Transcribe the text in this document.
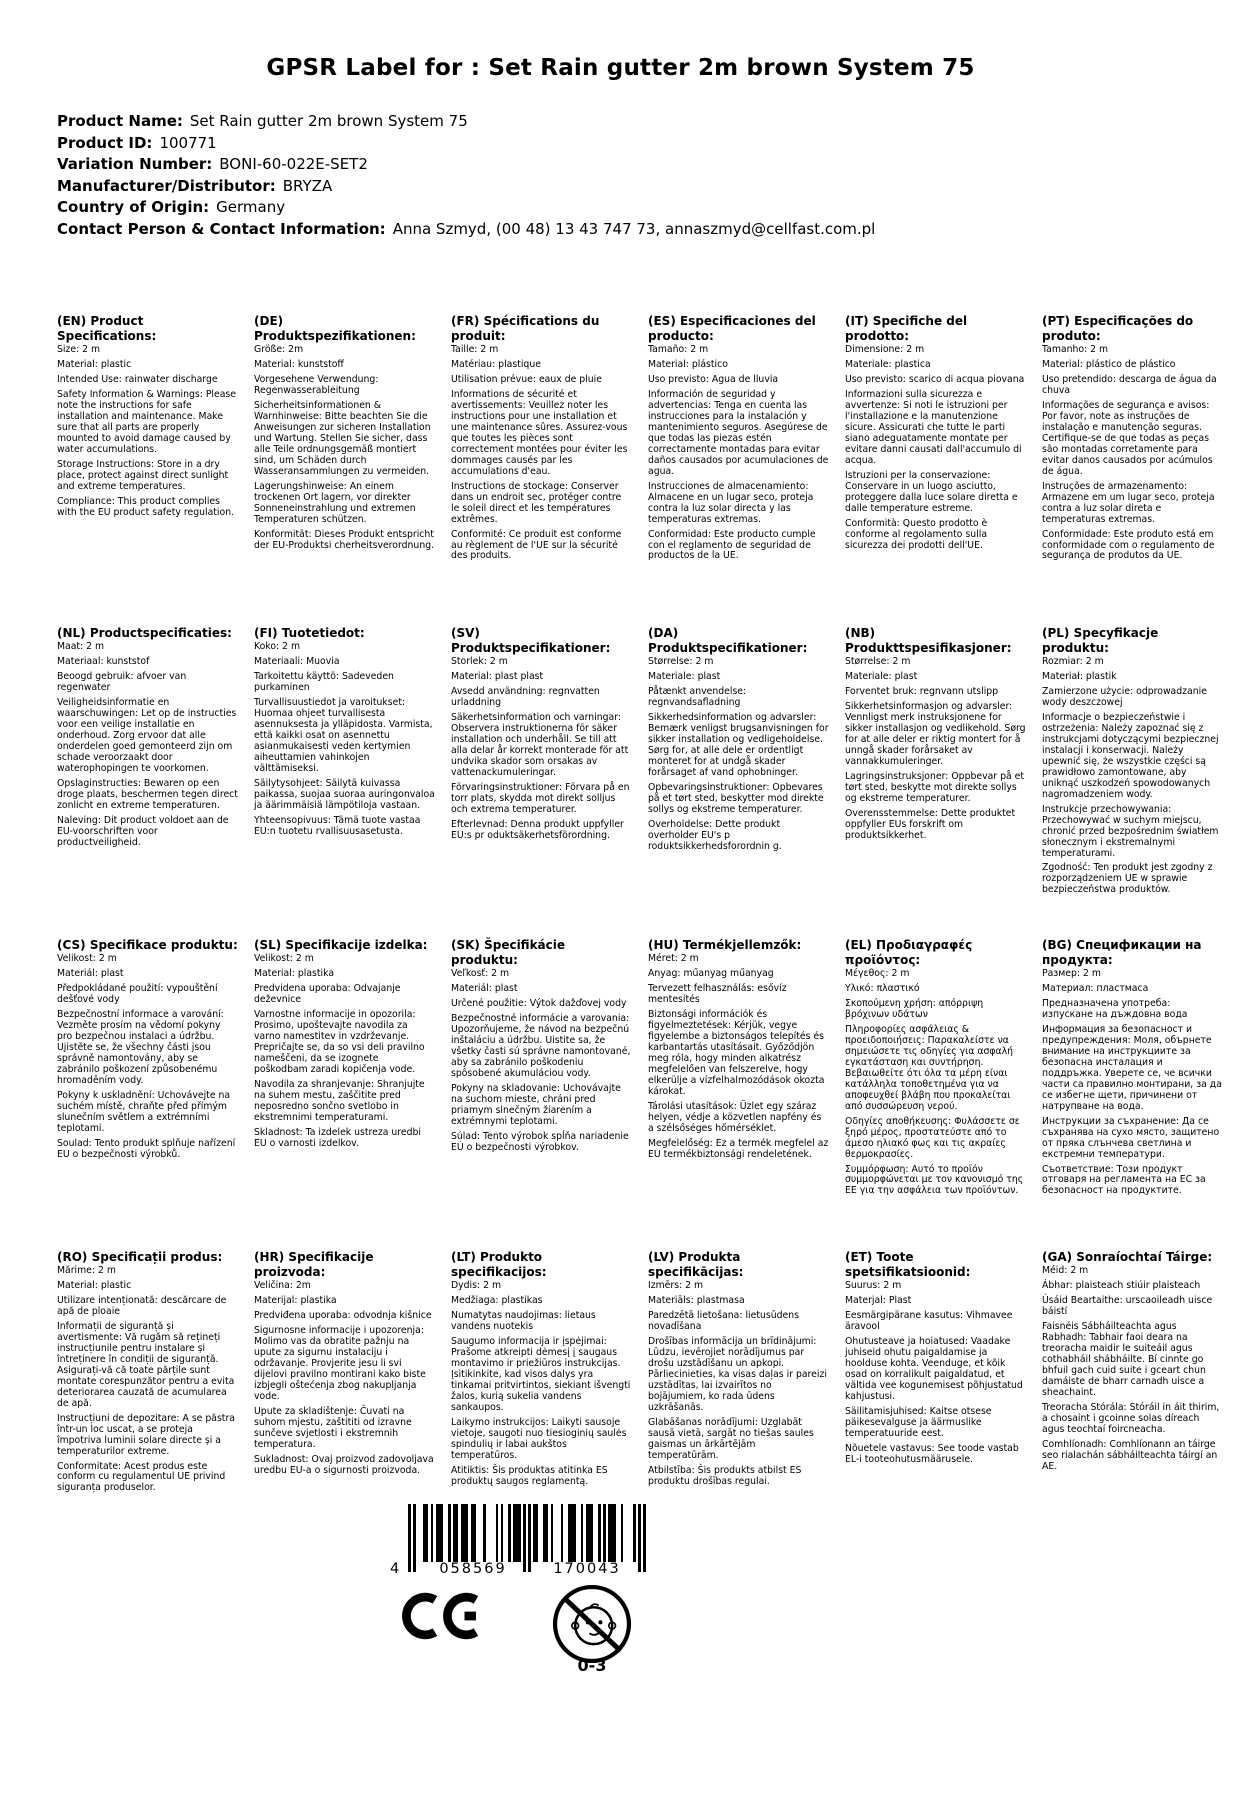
GPSR Label for : Set Rain gutter 2m brown System 75
Product Name: Set Rain gutter 2m brown System 75
Product ID: 100771
Variation Number: BONI-60-022E-SET2
Manufacturer/Distributor: BRYZA
Country of Origin: Germany
Contact Person & Contact Information: Anna Szmyd, (00 48) 13 43 747 73, annaszmyd@cellfast.com.pl
(EN) Product Specifications:

Size: 2 m

Material: plastic

Intended Use: rainwater discharge

Safety Information & Warnings: Please note the instructions for safe installation and maintenance. Make sure that all parts are properly mounted to avoid damage caused by water accumulations.

Storage Instructions: Store in a dry place, protect against direct sunlight and extreme temperatures.

Compliance: This product complies with the EU product safety regulation.

(DE) Produktspezifikationen:

Größe: 2m

Material: kunststoff

Vorgesehene Verwendung: Regenwasserableitung

Sicherheitsinformationen & Warnhinweise: Bitte beachten Sie die Anweisungen zur sicheren Installation und Wartung. Stellen Sie sicher, dass alle Teile ordnungsgemäß montiert sind, um Schäden durch Wasseransammlungen zu vermeiden.

Lagerungshinweise: An einem trockenen Ort lagern, vor direkter Sonneneinstrahlung und extremen Temperaturen schützen.

Konformität: Dieses Produkt entspricht der EU-Produktsi cherheitsverordnung.

(FR) Spécifications du produit:

Taille: 2 m

Matériau: plastique

Utilisation prévue: eaux de pluie

Informations de sécurité et avertissements: Veuillez noter les instructions pour une installation et une maintenance sûres. Assurez-vous que toutes les pièces sont correctement montées pour éviter les dommages causés par les accumulations d'eau.

Instructions de stockage: Conserver dans un endroit sec, protéger contre le soleil direct et les températures extrêmes.

Conformité: Ce produit est conforme au règlement de l'UE sur la sécurité des produits.

(ES) Especificaciones del producto:

Tamaño: 2 m

Material: plástico

Uso previsto: Agua de lluvia

Información de seguridad y advertencias: Tenga en cuenta las instrucciones para la instalación y mantenimiento seguros. Asegúrese de que todas las piezas estén correctamente montadas para evitar daños causados por acumulaciones de agua.

Instrucciones de almacenamiento: Almacene en un lugar seco, proteja contra la luz solar directa y las temperaturas extremas.

Conformidad: Este producto cumple con el reglamento de seguridad de productos de la UE.

(IT) Specifiche del prodotto:

Dimensione: 2 m

Materiale: plastica

Uso previsto: scarico di acqua piovana

Informazioni sulla sicurezza e avvertenze: Si noti le istruzioni per l'installazione e la manutenzione sicure. Assicurati che tutte le parti siano adeguatamente montate per evitare danni causati dall'accumulo di acqua.

Istruzioni per la conservazione: Conservare in un luogo asciutto, proteggere dalla luce solare diretta e dalle temperature estreme.

Conformità: Questo prodotto è conforme al regolamento sulla sicurezza dei prodotti dell'UE.

(PT) Especificações do produto:

Tamanho: 2 m

Material: plástico de plástico

Uso pretendido: descarga de água da chuva

Informações de segurança e avisos: Por favor, note as instruções de instalação e manutenção seguras. Certifique-se de que todas as peças são montadas corretamente para evitar danos causados por acúmulos de água.

Instruções de armazenamento: Armazene em um lugar seco, proteja contra a luz solar direta e temperaturas extremas.

Conformidade: Este produto está em conformidade com o regulamento de segurança de produtos da UE.

(NL) Productspecificaties:

Maat: 2 m

Materiaal: kunststof

Beoogd gebruik: afvoer van regenwater

Veiligheidsinformatie en waarschuwingen: Let op de instructies voor een veilige installatie en onderhoud. Zorg ervoor dat alle onderdelen goed gemonteerd zijn om schade veroorzaakt door waterophopingen te voorkomen.

Opslaginstructies: Bewaren op een droge plaats, beschermen tegen direct zonlicht en extreme temperaturen.

Naleving: Dit product voldoet aan de EU-voorschriften voor productveiligheid.

(FI) Tuotetiedot:

Koko: 2 m

Materiaali: Muovia

Tarkoitettu käyttö: Sadeveden purkaminen

Turvallisuustiedot ja varoitukset: Huomaa ohjeet turvallisesta asennuksesta ja ylläpidosta. Varmista, että kaikki osat on asennettu asianmukaisesti veden kertymien aiheuttamien vahinkojen välttämiseksi.

Säilytysohjeet: Säilytä kuivassa paikassa, suojaa suoraa auringonvaloa ja äärimmäisiä lämpötiloja vastaan.

Yhteensopivuus: Tämä tuote vastaa EU:n tuotetu rvallisuusasetusta.

(SV) Produktspecifikationer:

Storlek: 2 m

Material: plast plast

Avsedd användning: regnvatten urladdning

Säkerhetsinformation och varningar: Observera instruktionerna för säker installation och underhåll. Se till att alla delar år korrekt monterade för att undvika skador som orsakas av vattenackumuleringar.

Förvaringsinstruktioner: Förvara på en torr plats, skydda mot direkt solljus och extrema temperaturer.

Efterlevnad: Denna produkt uppfyller EU:s pr oduktsäkerhetsförordning.

(DA) Produktspecifikationer:

Størrelse: 2 m

Materiale: plast

Påtænkt anvendelse: regnvandsafladning

Sikkerhedsinformation og advarsler: Bemærk venligst brugsanvisningen for sikker installation og vedligeholdelse. Sørg for, at alle dele er ordentligt monteret for at undgå skader forårsaget af vand ophobninger.

Opbevaringsinstruktioner: Opbevares på et tørt sted, beskytter mod direkte sollys og ekstreme temperaturer.

Overholdelse: Dette produkt overholder EU's p roduktsikkerhedsforordnin g.

(NB) Produkttspesifikasjoner:

Størrelse: 2 m

Materiale: plast

Forventet bruk: regnvann utslipp

Sikkerhetsinformasjon og advarsler: Vennligst merk instruksjonene for sikker installasjon og vedlikehold. Sørg for at alle deler er riktig montert for å unngå skader forårsaket av vannakkumuleringer.

Lagringsinstruksjoner: Oppbevar på et tørt sted, beskytte mot direkte sollys og ekstreme temperaturer.

Overensstemmelse: Dette produktet oppfyller EUs forskrift om produktsikkerhet.

(PL) Specyfikacje produktu:

Rozmiar: 2 m

Materiał: plastik

Zamierzone użycie: odprowadzanie wody deszczowej

Informacje o bezpieczeństwie i ostrzeżenia: Należy zapoznać się z instrukcjami dotyczącymi bezpiecznej instalacji i konserwacji. Należy upewnić się, że wszystkie części są prawidłowo zamontowane, aby uniknąć uszkodzeń spowodowanych nagromadzeniem wody.

Instrukcje przechowywania: Przechowywać w suchym miejscu, chronić przed bezpośrednim światłem słonecznym i ekstremalnymi temperaturami.

Zgodność: Ten produkt jest zgodny z rozporządzeniem UE w sprawie bezpieczeństwa produktów.

(CS) Specifikace produktu:

Velikost: 2 m

Materiál: plast

Předpokládané použití: vypouštění dešťové vody

Bezpečnostní informace a varování: Vezměte prosím na vědomí pokyny pro bezpečnou instalaci a údržbu. Ujistěte se, že všechny části jsou správně namontovány, aby se zabránilo poškození způsobenému hromaděním vody.

Pokyny k uskladnění: Uchovávejte na suchém místě, chraňte před přímým slunečním světlem a extrémními teplotami.

Soulad: Tento produkt splňuje nařízení EU o bezpečnosti výrobků.

(SL) Specifikacije izdelka:

Velikost: 2 m

Material: plastika

Predvidena uporaba: Odvajanje deževnice

Varnostne informacije in opozorila: Prosimo, upoštevajte navodila za varno namestitev in vzdrževanje. Prepričajte se, da so vsi deli pravilno nameščeni, da se izognete poškodbam zaradi kopičenja vode.

Navodila za shranjevanje: Shranjujte na suhem mestu, zaščitite pred neposredno sončno svetlobo in ekstremnimi temperaturami.

Skladnost: Ta izdelek ustreza uredbi EU o varnosti izdelkov.

(SK) Špecifikácie produktu:

Veľkosť: 2 m

Materiál: plast

Určené použitie: Výtok dažďovej vody

Bezpečnostné informácie a varovania: Upozorňujeme, že návod na bezpečnú inštaláciu a údržbu. Uistite sa, že všetky časti sú správne namontované, aby sa zabránilo poškodeniu spôsobené akumuláciou vody.

Pokyny na skladovanie: Uchovávajte na suchom mieste, chráni pred priamym slnečným žiarením a extrémnymi teplotami.

Súlad: Tento výrobok spĺňa nariadenie EÚ o bezpečnosti výrobkov.

(HU) Termékjellemzők:

Méret: 2 m

Anyag: műanyag műanyag

Tervezett felhasználás: esővíz mentesítés

Biztonsági információk és figyelmeztetések: Kérjük, vegye figyelembe a biztonságos telepítés és karbantartás utasításait. Győződjön meg róla, hogy minden alkatrész megfelelően van felszerelve, hogy elkerülje a vízfelhalmozódások okozta károkat.

Tárolási utasítások: Üzlet egy száraz helyen, védje a közvetlen napfény és a szélsőséges hőmérséklet.

Megfelelőség: Ez a termék megfelel az EU termékbiztonsági rendeletének.

(EL) Προδιαγραφές προϊόντος:

Μέγεθος: 2 m

Υλικό: πλαστικό

Σκοπούμενη χρήση: απόρριψη βρόχινων υδάτων

Πληροφορίες ασφάλειας & προειδοποιήσεις: Παρακαλείστε να σημειώσετε τις οδηγίες για ασφαλή εγκατάσταση και συντήρηση. Βεβαιωθείτε ότι όλα τα μέρη είναι κατάλληλα τοποθετημένα για να αποφευχθεί βλάβη που προκαλείται από συσσώρευση νερού.

Οδηγίες αποθήκευσης: Φυλάσσετε σε ξηρό μέρος, προστατεύστε από το άμεσο ηλιακό φως και τις ακραίες θερμοκρασίες.

Συμμόρφωση: Αυτό το προϊόν συμμορφώνεται με τον κανονισμό της ΕΕ για την ασφάλεια των προϊόντων.

(BG) Спецификации на продукта:

Размер: 2 m

Материал: пластмаса

Предназначена употреба: изпускане на дъждовна вода

Информация за безопасност и предупреждения: Моля, обърнете внимание на инструкциите за безопасна инсталация и поддръжка. Уверете се, че всички части са правилно монтирани, за да се избегне щети, причинени от натрупване на вода.

Инструкции за съхранение: Да се съхранява на сухо място, защитено от пряка слънчева светлина и екстремни температури.

Съответствие: Този продукт отговаря на регламента на ЕС за безопасност на продуктите.

(RO) Specificații produs:

Mărime: 2 m

Material: plastic

Utilizare intenționată: descărcare de apă de ploaie

Informații de siguranță și avertismente: Vă rugăm să rețineți instrucțiunile pentru instalare și întreținere în condiții de siguranță. Asigurați-vă că toate părțile sunt montate corespunzător pentru a evita deteriorarea cauzată de acumularea de apă.

Instrucțiuni de depozitare: A se păstra într-un loc uscat, a se proteja împotriva luminii solare directe și a temperaturilor extreme.

Conformitate: Acest produs este conform cu regulamentul UE privind siguranța produselor.

(HR) Specifikacije proizvoda:

Veličina: 2m

Materijal: plastika

Predviđena uporaba: odvodnja kišnice

Sigurnosne informacije i upozorenja: Molimo vas da obratite pažnju na upute za sigurnu instalaciju i održavanje. Provjerite jesu li svi dijelovi pravilno montirani kako biste izbjegli oštećenja zbog nakupljanja vode.

Upute za skladištenje: Čuvati na suhom mjestu, zaštititi od izravne sunčeve svjetlosti i ekstremnih temperatura.

Sukladnost: Ovaj proizvod zadovoljava uredbu EU-a o sigurnosti proizvoda.

(LT) Produkto specifikacijos:

Dydis: 2 m

Medžiaga: plastikas

Numatytas naudojimas: lietaus vandens nuotekis

Saugumo informacija ir įspėjimai: Prašome atkreipti dėmesį į saugaus montavimo ir priežiūros instrukcijas. Įsitikinkite, kad visos dalys yra tinkamai pritvirtintos, siekiant išvengti žalos, kurią sukelia vandens sankaupos.

Laikymo instrukcijos: Laikyti sausoje vietoje, saugoti nuo tiesioginių saulės spindulių ir labai aukštos temperatūros.

Atitiktis: Šis produktas atitinka ES produktų saugos reglamentą.

(LV) Produkta specifikācijas:

Izmērs: 2 m

Materiāls: plastmasa

Paredzētā lietošana: lietusūdens novadīšana

Drošības informācija un brīdinājumi: Lūdzu, ievērojiet norādījumus par drošu uzstādīšanu un apkopi. Pārliecinieties, ka visas daļas ir pareizi uzstādītas, lai izvairītos no bojājumiem, ko rada ūdens uzkrāšanās.

Glabāšanas norādījumi: Uzglabāt sausā vietā, sargāt no tiešas saules gaismas un ārkārtējām temperatūrām.

Atbilstība: Šis produkts atbilst ES produktu drošības regulai.

(ET) Toote spetsifikatsioonid:

Suurus: 2 m

Materjal: Plast

Eesmärgipärane kasutus: Vihmavee äravool

Ohutusteave ja hoiatused: Vaadake juhiseid ohutu paigaldamise ja hoolduse kohta. Veenduge, et kõik osad on korralikult paigaldatud, et vältida vee kogunemisest põhjustatud kahjustusi.

Säilitamisjuhised: Kaitse otsese päikesevalguse ja äärmuslike temperatuuride eest.

Nõuetele vastavus: See toode vastab EL-i tooteohutusmäärusele.

(GA) Sonraíochtaí Táirge:

Méid: 2 m

Ábhar: plaisteach stiúir plaisteach

Úsáid Beartaithe: urscaoileadh uisce báistí

Faisnéis Sábháilteachta agus Rabhadh: Tabhair faoi deara na treoracha maidir le suiteáil agus cothabháil shábháilte. Bí cinnte go bhfuil gach cuid suite i gceart chun damáiste de bharr carnadh uisce a sheachaint.

Treoracha Stórála: Stóráil in áit thirim, a chosaint i gcoinne solas díreach agus teochtaí foircneacha.

Comhlíonadh: Comhlíonann an táirge seo rialachán sábháilteachta táirgí an AE.

4	058569	170043
0-3
